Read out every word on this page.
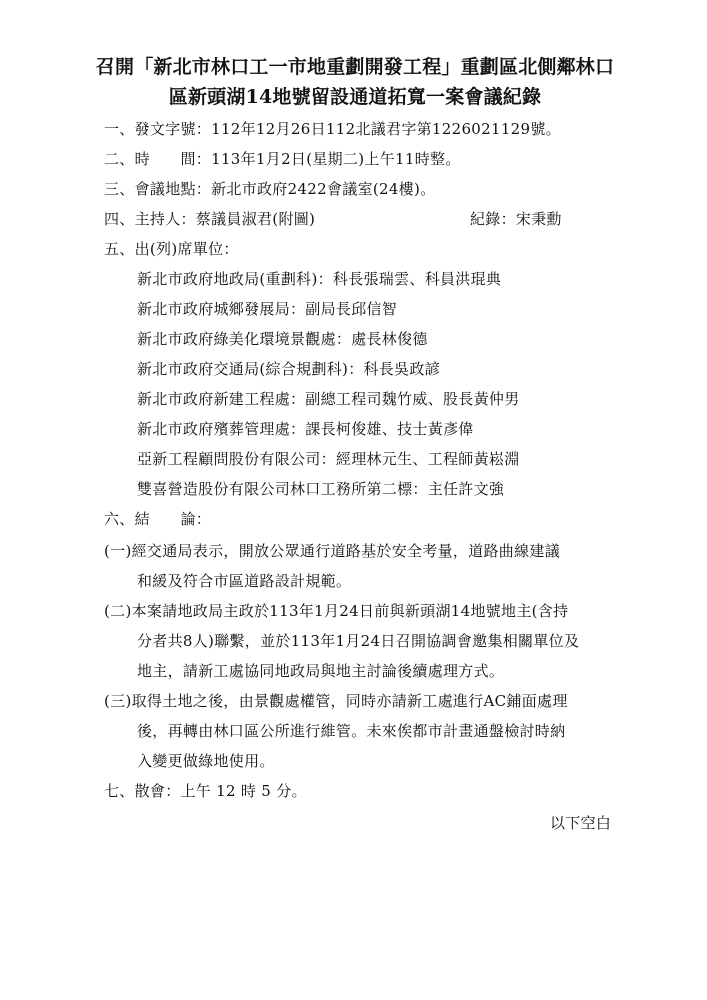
召開「新北市林口工一市地重劃開發工程」重劃區北側鄰林口
區新頭湖14地號留設通道拓寬一案會議紀錄
一、發文字號：112年12月26日112北議君字第1226021129號。
二、時　　間：113年1月2日(星期二)上午11時整。
三、會議地點：新北市政府2422會議室(24樓)。
四、主持人：蔡議員淑君(附圖)	紀錄：宋秉勳
五、出(列)席單位：
新北市政府地政局(重劃科)：科長張瑞雲、科員洪琨典
新北市政府城鄉發展局：副局長邱信智
新北市政府綠美化環境景觀處：處長林俊德
新北市政府交通局(綜合規劃科)：科長吳政諺
新北市政府新建工程處：副總工程司魏竹威、股長黃仲男
新北市政府殯葬管理處：課長柯俊雄、技士黃彥偉
亞新工程顧問股份有限公司：經理林元生、工程師黃崧淵
雙喜營造股份有限公司林口工務所第二標：主任許文強
六、結　　論：
(一)經交通局表示，開放公眾通行道路基於安全考量，道路曲線建議
和緩及符合市區道路設計規範。
(二)本案請地政局主政於113年1月24日前與新頭湖14地號地主(含持
分者共8人)聯繫，並於113年1月24日召開協調會邀集相關單位及
地主，請新工處協同地政局與地主討論後續處理方式。
(三)取得土地之後，由景觀處權管，同時亦請新工處進行AC鋪面處理
後，再轉由林口區公所進行維管。未來俟都市計畫通盤檢討時納
入變更做綠地使用。
七、散會：上午 12 時 5 分。
以下空白
